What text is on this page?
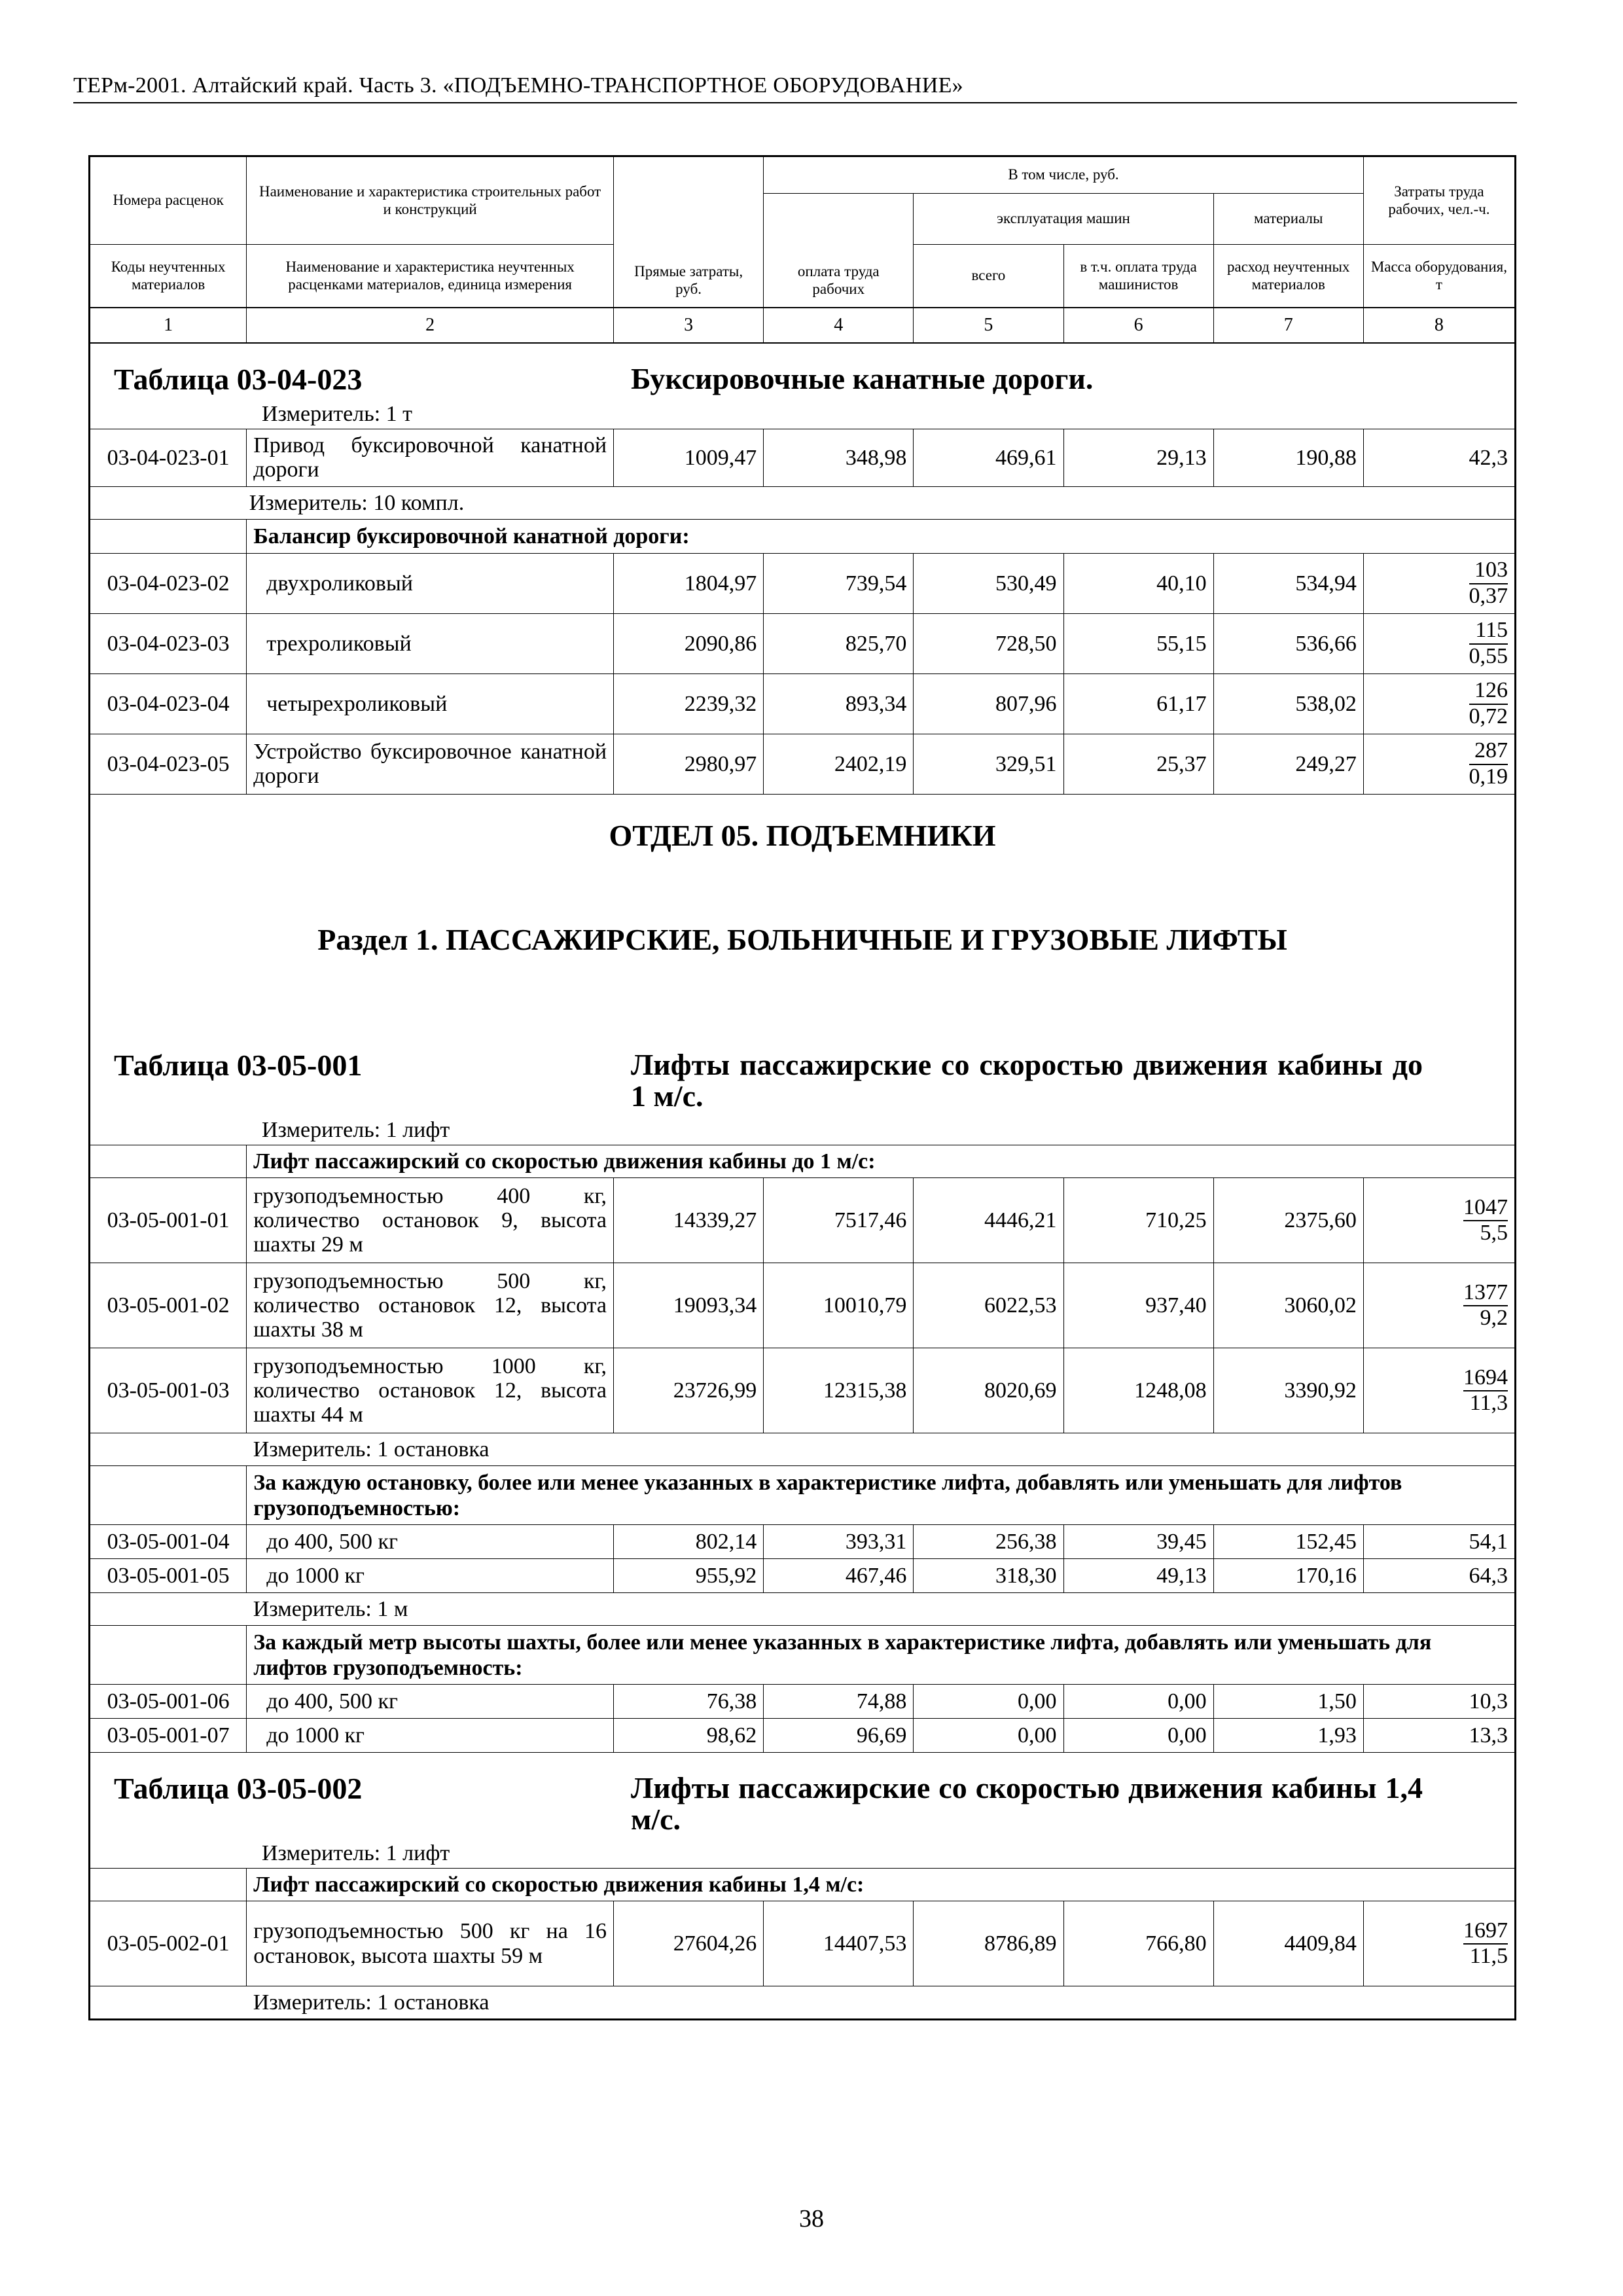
ТЕРм-2001. Алтайский край. Часть 3. «ПОДЪЕМНО-ТРАНСПОРТНОЕ ОБОРУДОВАНИЕ»
Номера расценок	Наименование и характеристика строительных работ и конструкций	Прямые затраты, руб.	В том числе, руб.				Затраты труда рабочих, чел.-ч.
			оплата труда рабочих	эксплуатация машин		материалы	
Коды неучтенных материалов	Наименование и характеристика неучтенных расценками материалов, единица измерения			всего	в т.ч. оплата труда машинистов	расход неучтенных материалов	Масса оборудования, т
1	2	3	4	5	6	7	8
Таблица 03-04-023 Буксировочные канатные дороги.
Измеритель: 1 т							

03-04-023-01	Привод буксировочной канатной дороги	1009,47	348,98	469,61	29,13	190,88	42,3
	Измеритель: 10 компл.						
	Балансир буксировочной канатной дороги:						
03-04-023-02	двухроликовый	1804,97	739,54	530,49	40,10	534,94	$\frac{103}{0,37}$

03-04-023-03	трехроликовый	2090,86	825,70	728,50	55,15	536,66	$\frac{115}{0,55}$

03-04-023-04	четырехроликовый	2239,32	893,34	807,96	61,17	538,02	$\frac{126}{0,72}$

03-04-023-05	Устройство буксировочное канатной дороги	2980,97	2402,19	329,51	25,37	249,27	$\frac{287}{0,19}$

ОТДЕЛ 05. ПОДЪЕМНИКИ
Раздел 1. ПАССАЖИРСКИЕ, БОЛЬНИЧНЫЕ И ГРУЗОВЫЕ ЛИФТЫ
Таблица 03-05-001 Лифты пассажирские со скоростью движения кабины до 1 м/с.
Измеритель: 1 лифт							

	Лифт пассажирский со скоростью движения кабины до 1 м/с:						
03-05-001-01	грузоподъемностью 400 кг, количество остановок 9, высота шахты 29 м	14339,27	7517,46	4446,21	710,25	2375,60	$\frac{1047}{5,5}$

03-05-001-02	грузоподъемностью 500 кг, количество остановок 12, высота шахты 38 м	19093,34	10010,79	6022,53	937,40	3060,02	$\frac{1377}{9,2}$

03-05-001-03	грузоподъемностью 1000 кг, количество остановок 12, высота шахты 44 м	23726,99	12315,38	8020,69	1248,08	3390,92	$\frac{1694}{11,3}$

	Измеритель: 1 остановка						
	За каждую остановку, более или менее указанных в характеристике лифта, добавлять или уменьшать для лифтов грузоподъемностью:						
03-05-001-04	до 400, 500 кг	802,14	393,31	256,38	39,45	152,45	54,1
03-05-001-05	до 1000 кг	955,92	467,46	318,30	49,13	170,16	64,3
	Измеритель: 1 м						
	За каждый метр высоты шахты, более или менее указанных в характеристике лифта, добавлять или уменьшать для лифтов грузоподъемность:						
03-05-001-06	до 400, 500 кг	76,38	74,88	0,00	0,00	1,50	10,3
03-05-001-07	до 1000 кг	98,62	96,69	0,00	0,00	1,93	13,3

Таблица 03-05-002 Лифты пассажирские со скоростью движения кабины 1,4 м/с.
Измеритель: 1 лифт							

	Лифт пассажирский со скоростью движения кабины 1,4 м/с:						
03-05-002-01	грузоподъемностью 500 кг на 16 остановок, высота шахты 59 м	27604,26	14407,53	8786,89	766,80	4409,84	$\frac{1697}{11,5}$

	Измеритель: 1 остановка						
38
